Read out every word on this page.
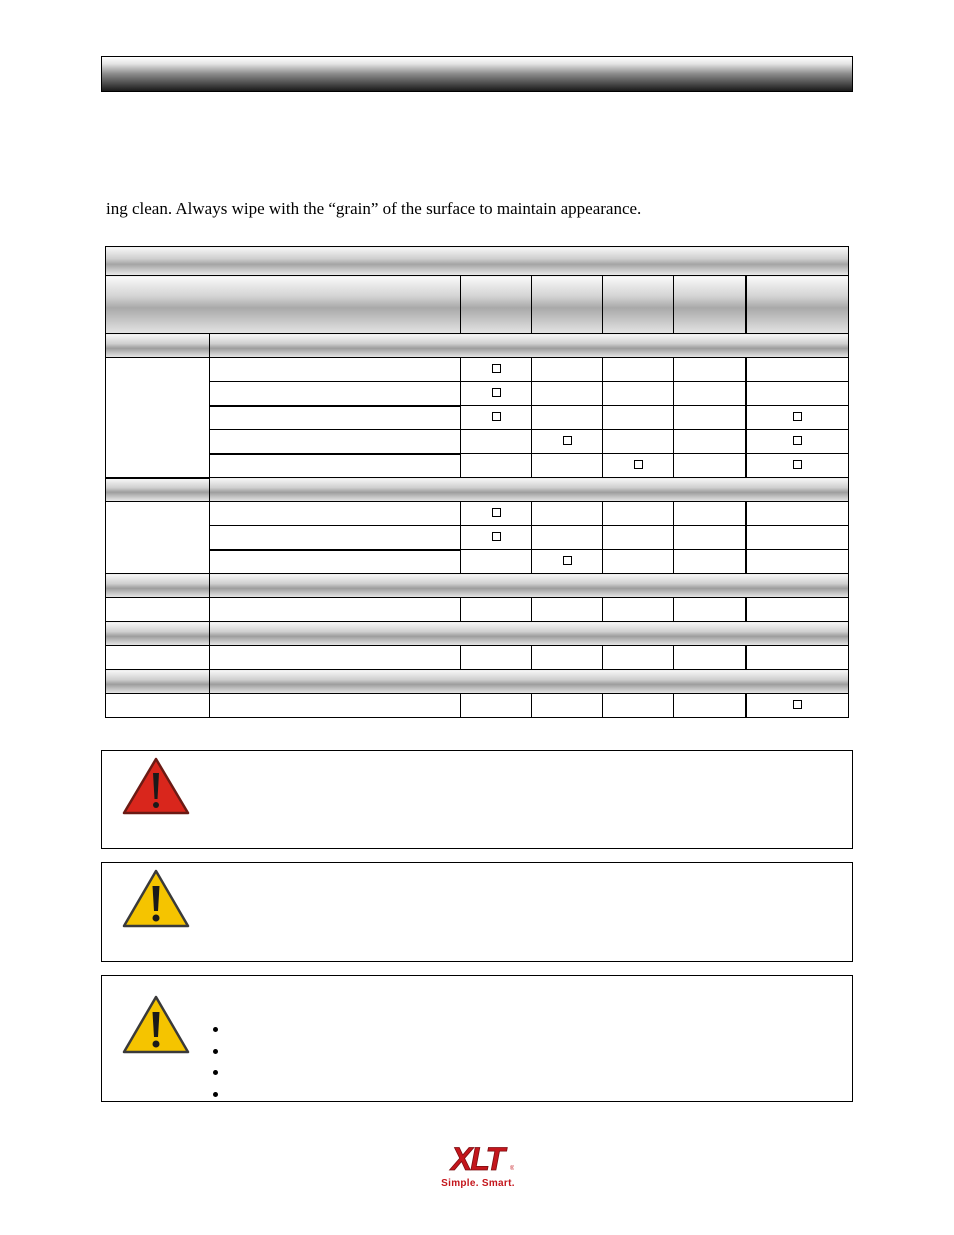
ing clean. Always wipe with the “grain” of the surface to maintain appearance.

XLT	®
Simple. Smart.
